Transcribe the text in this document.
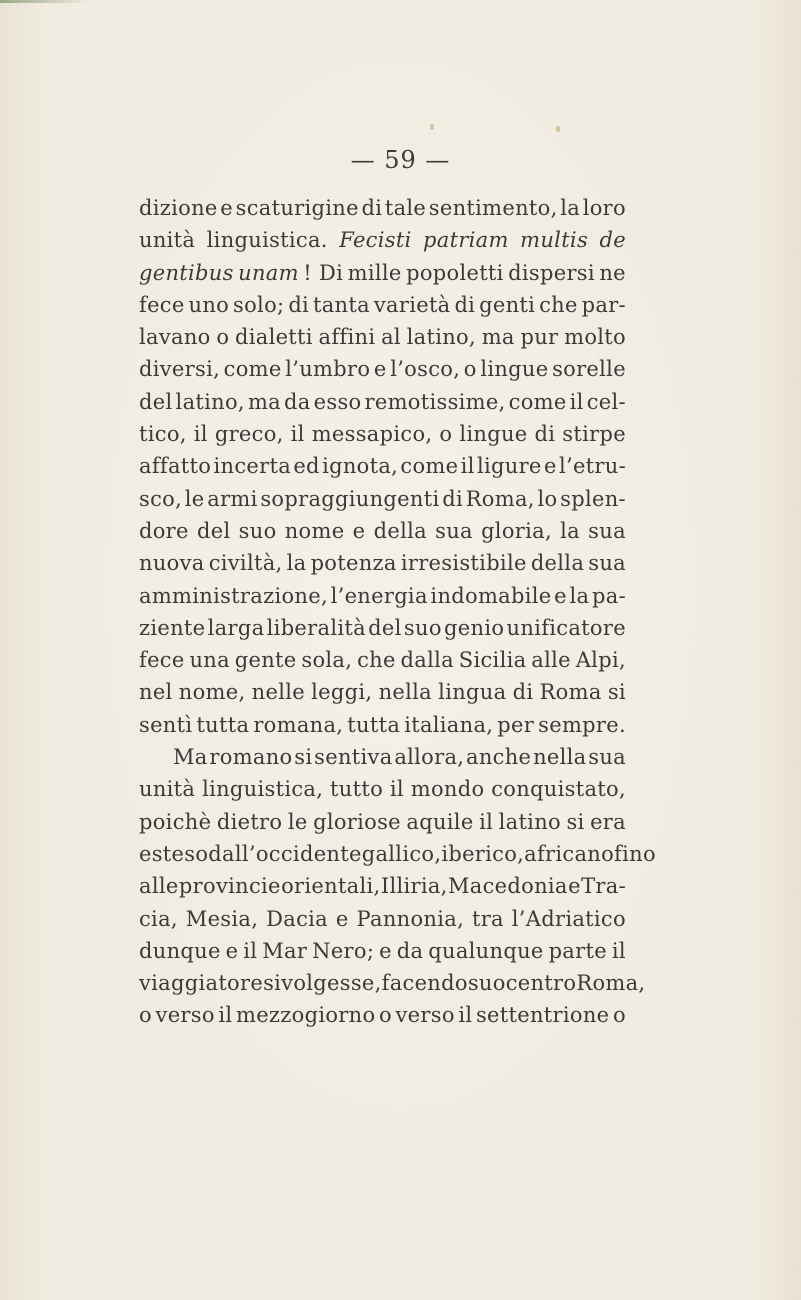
— 59 —
dizione e scaturigine di tale sentimento, la loro
unità linguistica. Fecisti patriam multis de
gentibus unam ! Di mille popoletti dispersi ne
fece uno solo; di tanta varietà di genti che par-
lavano o dialetti affini al latino, ma pur molto
diversi, come l’umbro e l’osco, o lingue sorelle
del latino, ma da esso remotissime, come il cel-
tico, il greco, il messapico, o lingue di stirpe
affatto incerta ed ignota, come il ligure e l’etru-
sco, le armi sopraggiungenti di Roma, lo splen-
dore del suo nome e della sua gloria, la sua
nuova civiltà, la potenza irresistibile della sua
amministrazione, l’energia indomabile e la pa-
ziente larga liberalità del suo genio unificatore
fece una gente sola, che dalla Sicilia alle Alpi,
nel nome, nelle leggi, nella lingua di Roma si
sentì tutta romana, tutta italiana, per sempre.
Ma romano si sentiva allora, anche nella sua
unità linguistica, tutto il mondo conquistato,
poichè dietro le gloriose aquile il latino si era
esteso dall’occidente gallico, iberico, africano fino
alle provincie orientali, Illiria, Macedonia e Tra-
cia, Mesia, Dacia e Pannonia, tra l’Adriatico
dunque e il Mar Nero; e da qualunque parte il
viaggiatore si volgesse, facendo suo centro Roma,
o verso il mezzogiorno o verso il settentrione o
